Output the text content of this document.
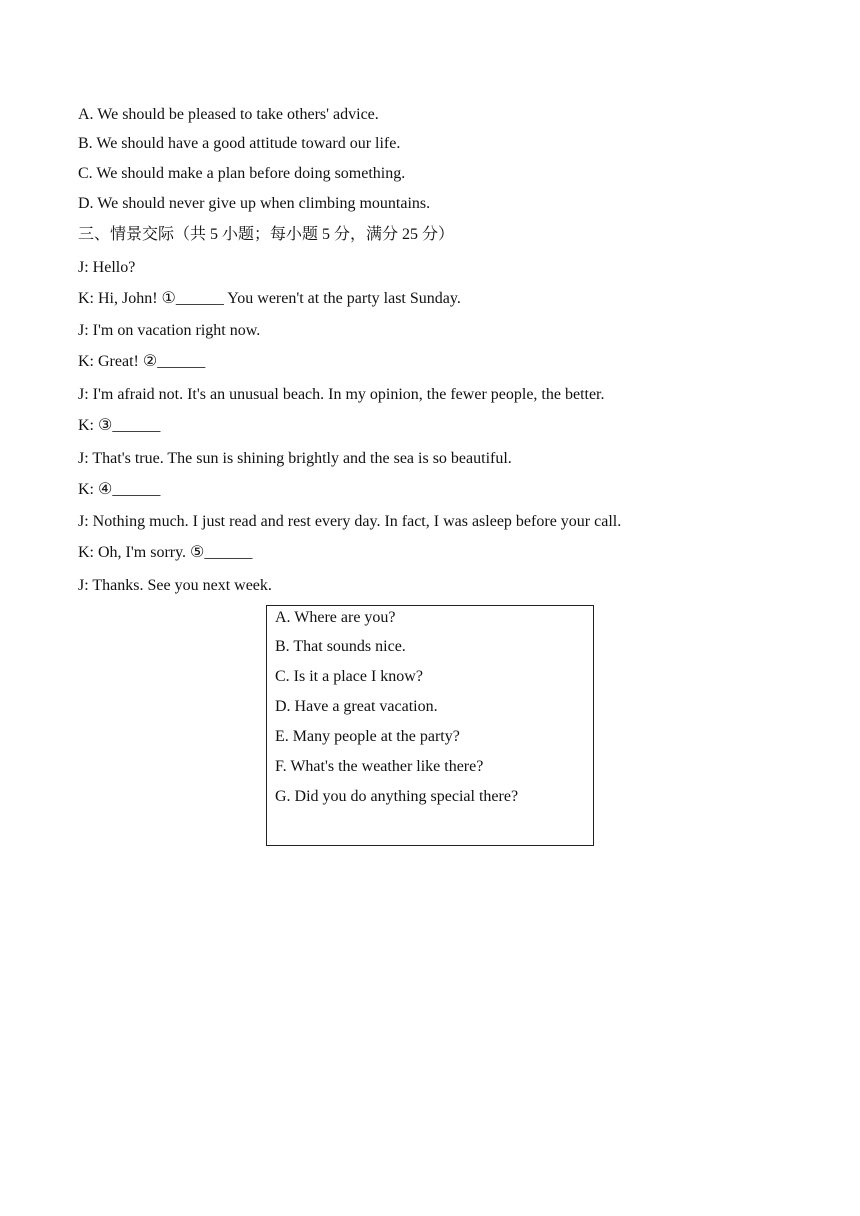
A. We should be pleased to take others' advice.
B. We should have a good attitude toward our life.
C. We should make a plan before doing something.
D. We should never give up when climbing mountains.
三、情景交际（共 5 小题；每小题 5 分，满分 25 分）
J: Hello?
K: Hi, John! ①______ You weren't at the party last Sunday.
J: I'm on vacation right now.
K: Great! ②______
J: I'm afraid not. It's an unusual beach. In my opinion, the fewer people, the better.
K: ③______
J: That's true. The sun is shining brightly and the sea is so beautiful.
K: ④______
J: Nothing much. I just read and rest every day. In fact, I was asleep before your call.
K: Oh, I'm sorry. ⑤______
J: Thanks. See you next week.
A. Where are you?
B. That sounds nice.
C. Is it a place I know?
D. Have a great vacation.
E. Many people at the party?
F. What's the weather like there?
G. Did you do anything special there?
